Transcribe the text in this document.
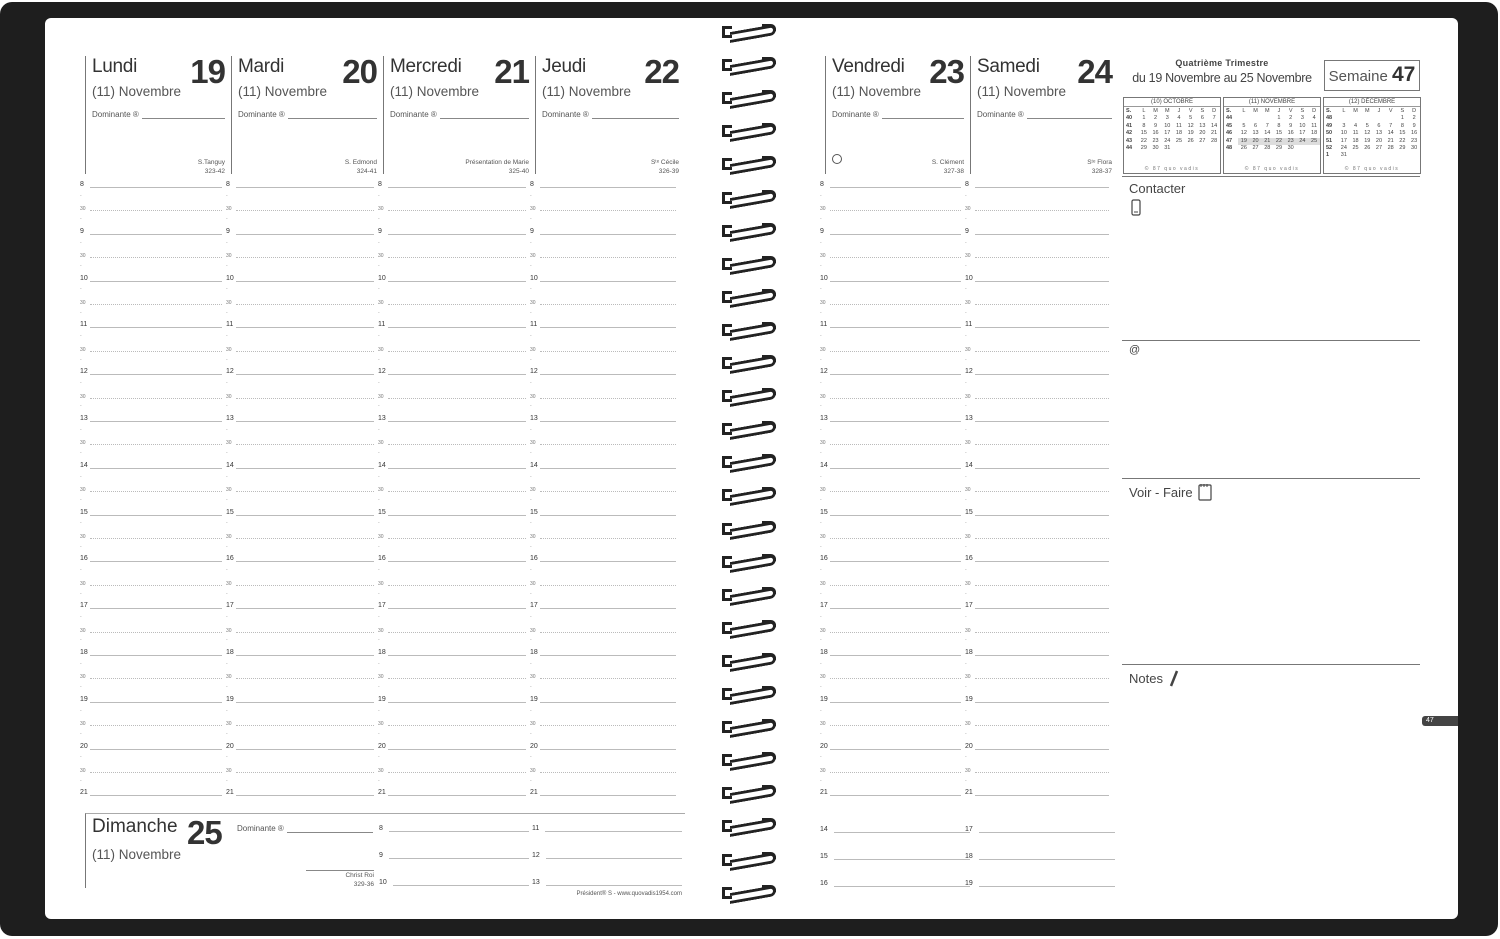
Lundi 19
(11) Novembre
Dominante ®
S.Tanguy
323-42
Mardi 20
(11) Novembre
Dominante ®
S. Edmond
324-41
Mercredi 21
(11) Novembre
Dominante ®
Présentation de Marie
325-40
Jeudi 22
(11) Novembre
Dominante ®
Sᵗᵉ Cécile
326-39
8
-
30
-
9
-
30
-
10
-
30
-
11
-
30
-
12
-
30
-
13
-
30
-
14
-
30
-
15
-
30
-
16
-
30
-
17
-
30
-
18
-
30
-
19
-
30
-
20
-
30
-
21
8
-
30
-
9
-
30
-
10
-
30
-
11
-
30
-
12
-
30
-
13
-
30
-
14
-
30
-
15
-
30
-
16
-
30
-
17
-
30
-
18
-
30
-
19
-
30
-
20
-
30
-
21
8
-
30
-
9
-
30
-
10
-
30
-
11
-
30
-
12
-
30
-
13
-
30
-
14
-
30
-
15
-
30
-
16
-
30
-
17
-
30
-
18
-
30
-
19
-
30
-
20
-
30
-
21
8
-
30
-
9
-
30
-
10
-
30
-
11
-
30
-
12
-
30
-
13
-
30
-
14
-
30
-
15
-
30
-
16
-
30
-
17
-
30
-
18
-
30
-
19
-
30
-
20
-
30
-
21
Dimanche 25
(11) Novembre
Dominante ®
Christ Roi
329-36
8
9
10
11
12
13
Président® S - www.quovadis1954.com
Vendredi 23
(11) Novembre
Dominante ®
S. Clément
327-38
Samedi 24
(11) Novembre
Dominante ®
Sᵗᵉ Flora
328-37
8
-
30
-
9
-
30
-
10
-
30
-
11
-
30
-
12
-
30
-
13
-
30
-
14
-
30
-
15
-
30
-
16
-
30
-
17
-
30
-
18
-
30
-
19
-
30
-
20
-
30
-
21
8
-
30
-
9
-
30
-
10
-
30
-
11
-
30
-
12
-
30
-
13
-
30
-
14
-
30
-
15
-
30
-
16
-
30
-
17
-
30
-
18
-
30
-
19
-
30
-
20
-
30
-
21
14
15
16
17
18
19
Quatrième Trimestre
du 19 Novembre au 25 Novembre	Semaine 47
(10) OCTOBRE
S.	L	M	M	J	V	S	D
40	1	2	3	4	5	6	7
41	8	9	10	11	12	13	14
42	15	16	17	18	19	20	21
43	22	23	24	25	26	27	28
44	29	30	31				
© 87 quo vadis
(11) NOVEMBRE
S.	L	M	M	J	V	S	D
44				1	2	3	4
45	5	6	7	8	9	10	11
46	12	13	14	15	16	17	18
47	19	20	21	22	23	24	25
48	26	27	28	29	30		
© 87 quo vadis
(12) DÉCEMBRE
S.	L	M	M	J	V	S	D
48						1	2
49	3	4	5	6	7	8	9
50	10	11	12	13	14	15	16
51	17	18	19	20	21	22	23
52	24	25	26	27	28	29	30
1	31						
© 87 quo vadis
Contacter
@
Voir - Faire
Notes
47
